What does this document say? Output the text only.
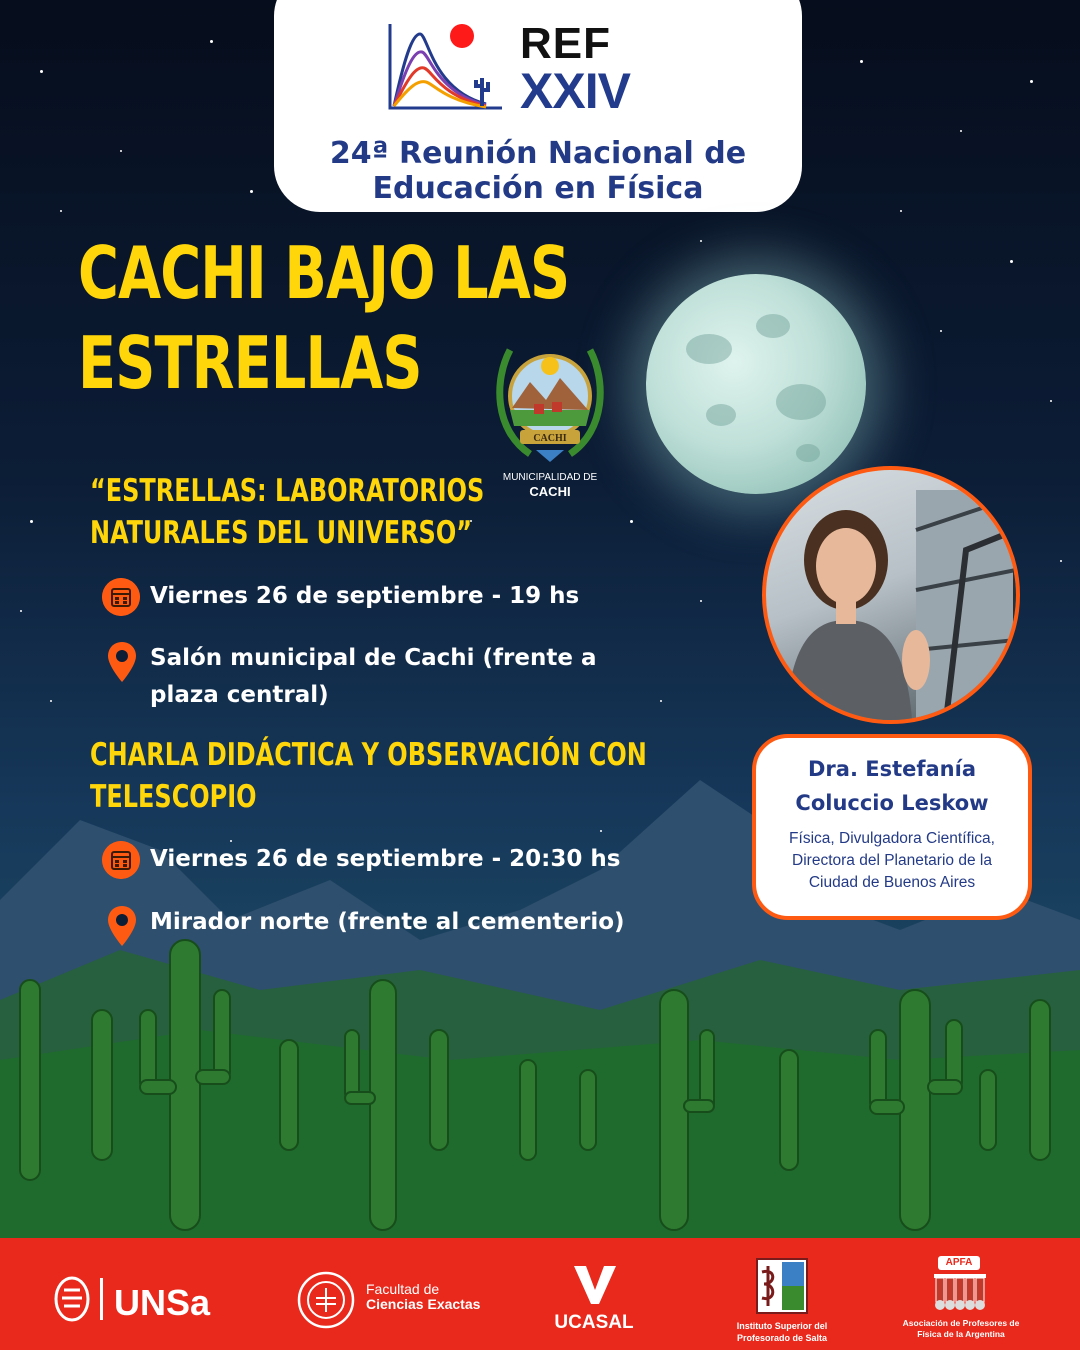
REF
XXIV
24ª Reunión Nacional de
Educación en Física
CACHI BAJO LAS
ESTRELLAS
CACHI
MUNICIPALIDAD DE
CACHI
“ESTRELLAS: LABORATORIOS
NATURALES DEL UNIVERSO”
Viernes 26 de septiembre - 19 hs
Salón municipal de Cachi (frente a
plaza central)
CHARLA DIDÁCTICA Y OBSERVACIÓN CON
TELESCOPIO
Viernes 26 de septiembre - 20:30 hs
Mirador norte (frente al cementerio)
Dra. Estefanía
Coluccio Leskow
Física, Divulgadora Científica,
Directora del Planetario de la
Ciudad de Buenos Aires
UNSa	Facultad de
Ciencias Exactas
UCASAL	Instituto Superior del
Profesorado de Salta
APFA
Asociación de Profesores de
Física de la Argentina
